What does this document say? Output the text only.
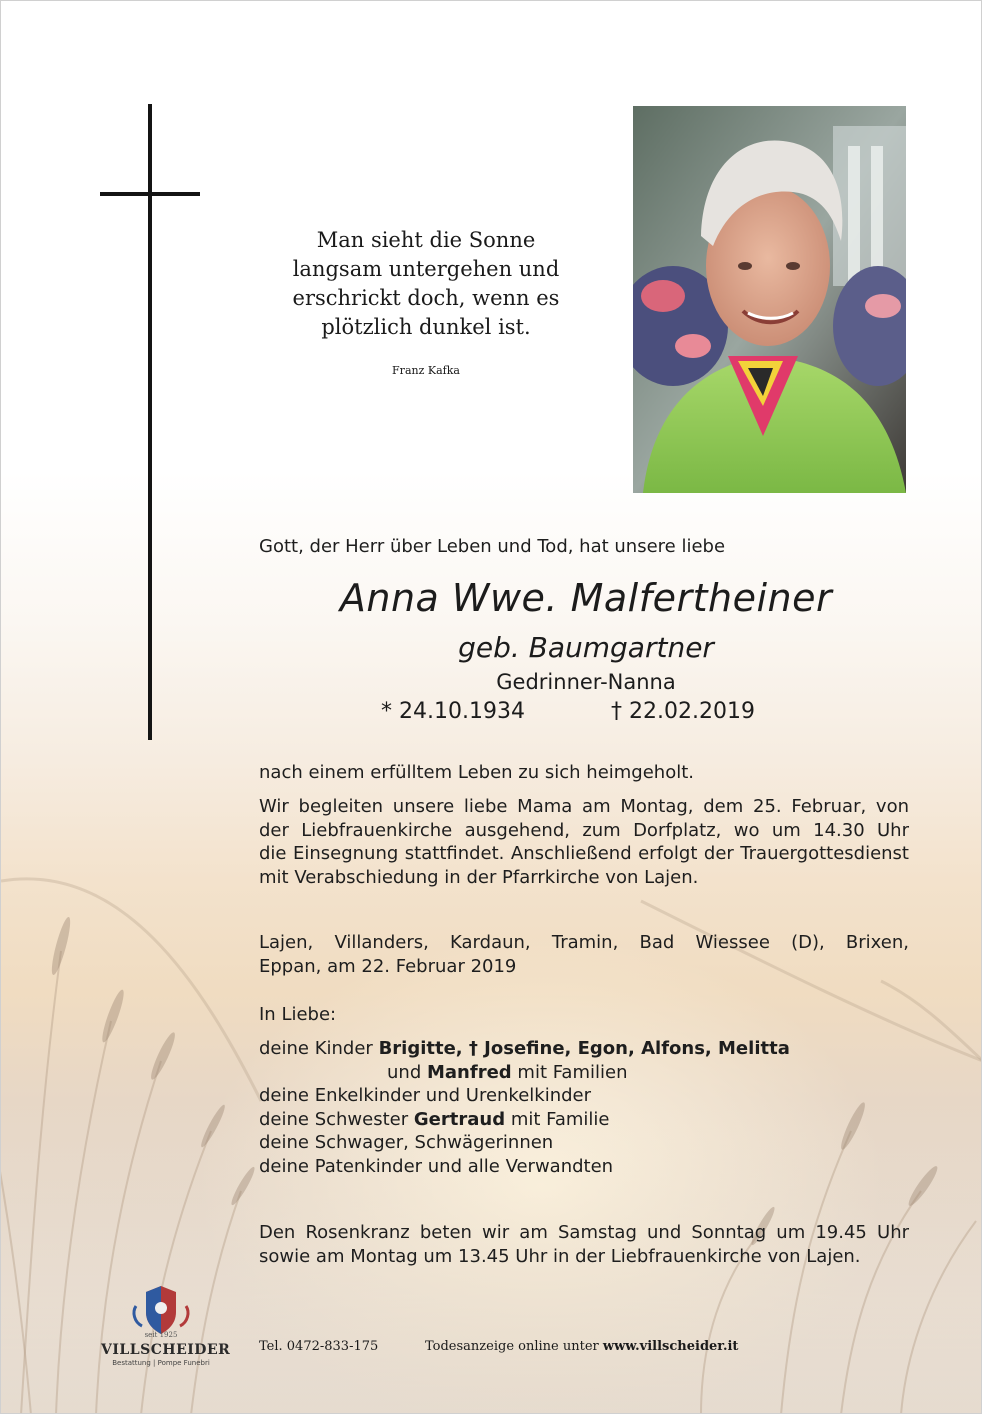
Man sieht die Sonne
langsam untergehen und
erschrickt doch, wenn es
plötzlich dunkel ist.
Franz Kafka
Gott, der Herr über Leben und Tod, hat unsere liebe
Anna Wwe. Malfertheiner
geb. Baumgartner
Gedrinner-Nanna
* 24.10.1934	† 22.02.2019
nach einem erfülltem Leben zu sich heimgeholt.
Wir begleiten unsere liebe Mama am Montag, dem 25. Februar, von
der Liebfrauenkirche ausgehend, zum Dorfplatz, wo um 14.30 Uhr
die Einsegnung stattfindet. Anschließend erfolgt der Trauergottesdienst
mit Verabschiedung in der Pfarrkirche von Lajen.
Lajen, Villanders, Kardaun, Tramin, Bad Wiessee (D), Brixen,
Eppan, am 22. Februar 2019
In Liebe:
deine Kinder Brigitte, † Josefine, Egon, Alfons, Melitta
und Manfred mit Familien
deine Enkelkinder und Urenkelkinder
deine Schwester Gertraud mit Familie
deine Schwager, Schwägerinnen
deine Patenkinder und alle Verwandten
Den Rosenkranz beten wir am Samstag und Sonntag um 19.45 Uhr
sowie am Montag um 13.45 Uhr in der Liebfrauenkirche von Lajen.
seit 1925
VILLSCHEIDER
Bestattung | Pompe Funebri
Tel. 0472-833-175	Todesanzeige online unter www.villscheider.it
